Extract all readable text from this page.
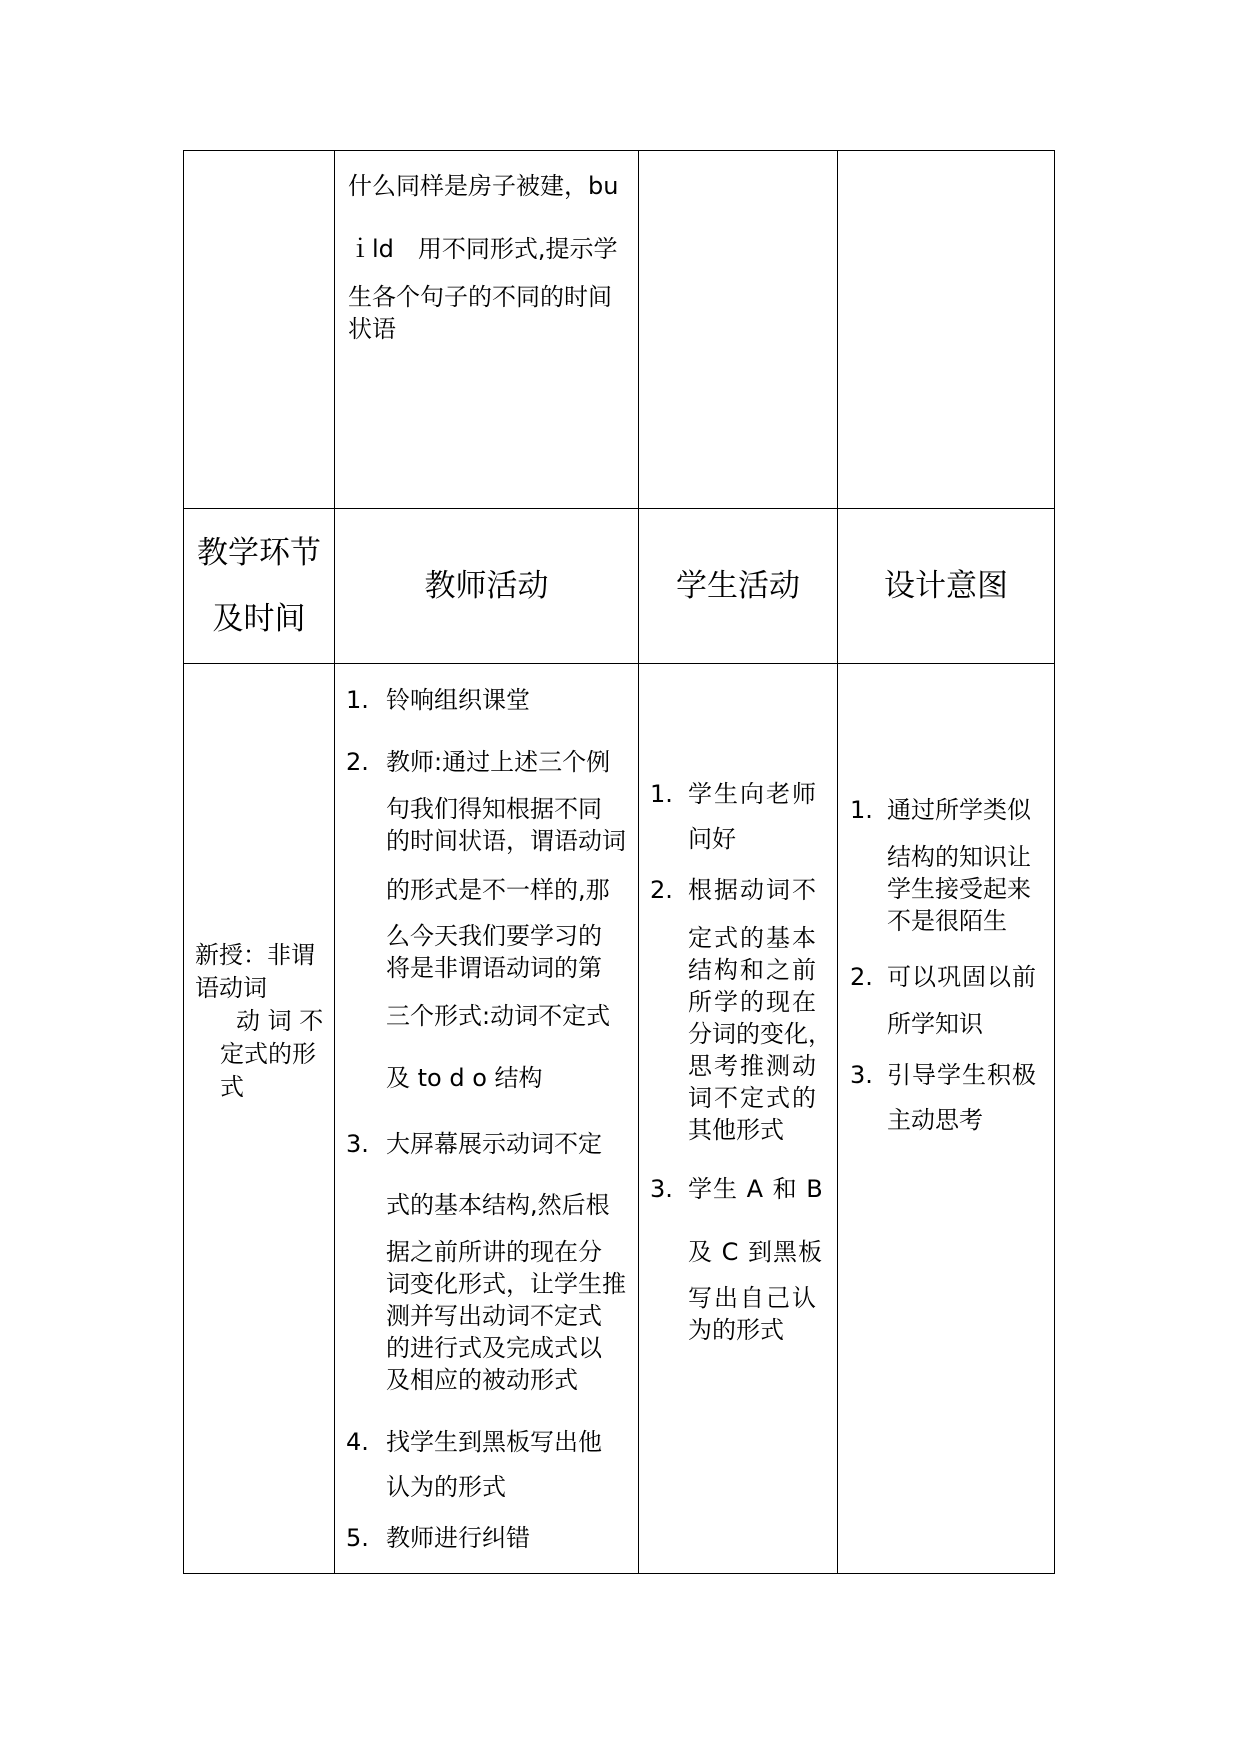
什么同样是房子被建，bu
ｉld　用不同形式,提示学
生各个句子的不同的时间
状语
教学环节
及时间
教师活动	学生活动	设计意图
新授：非谓
语动词
动 词 不
定式的形
式
1. 铃响组织课堂
2. 教师:通过上述三个例
句我们得知根据不同
的时间状语，谓语动词
的形式是不一样的,那
么今天我们要学习的
将是非谓语动词的第
三个形式:动词不定式
及 to d o 结构
3. 大屏幕展示动词不定
式的基本结构,然后根
据之前所讲的现在分
词变化形式，让学生推
测并写出动词不定式
的进行式及完成式以
及相应的被动形式
4. 找学生到黑板写出他
认为的形式
5. 教师进行纠错
1. 学生向老师
问好
2. 根据动词不
定式的基本
结构和之前
所学的现在
分词的变化，
思考推测动
词不定式的
其他形式
3. 学生 A 和 B
及 C 到黑板
写出自己认
为的形式
1. 通过所学类似
结构的知识让
学生接受起来
不是很陌生
2. 可以巩固以前
所学知识
3. 引导学生积极
主动思考
